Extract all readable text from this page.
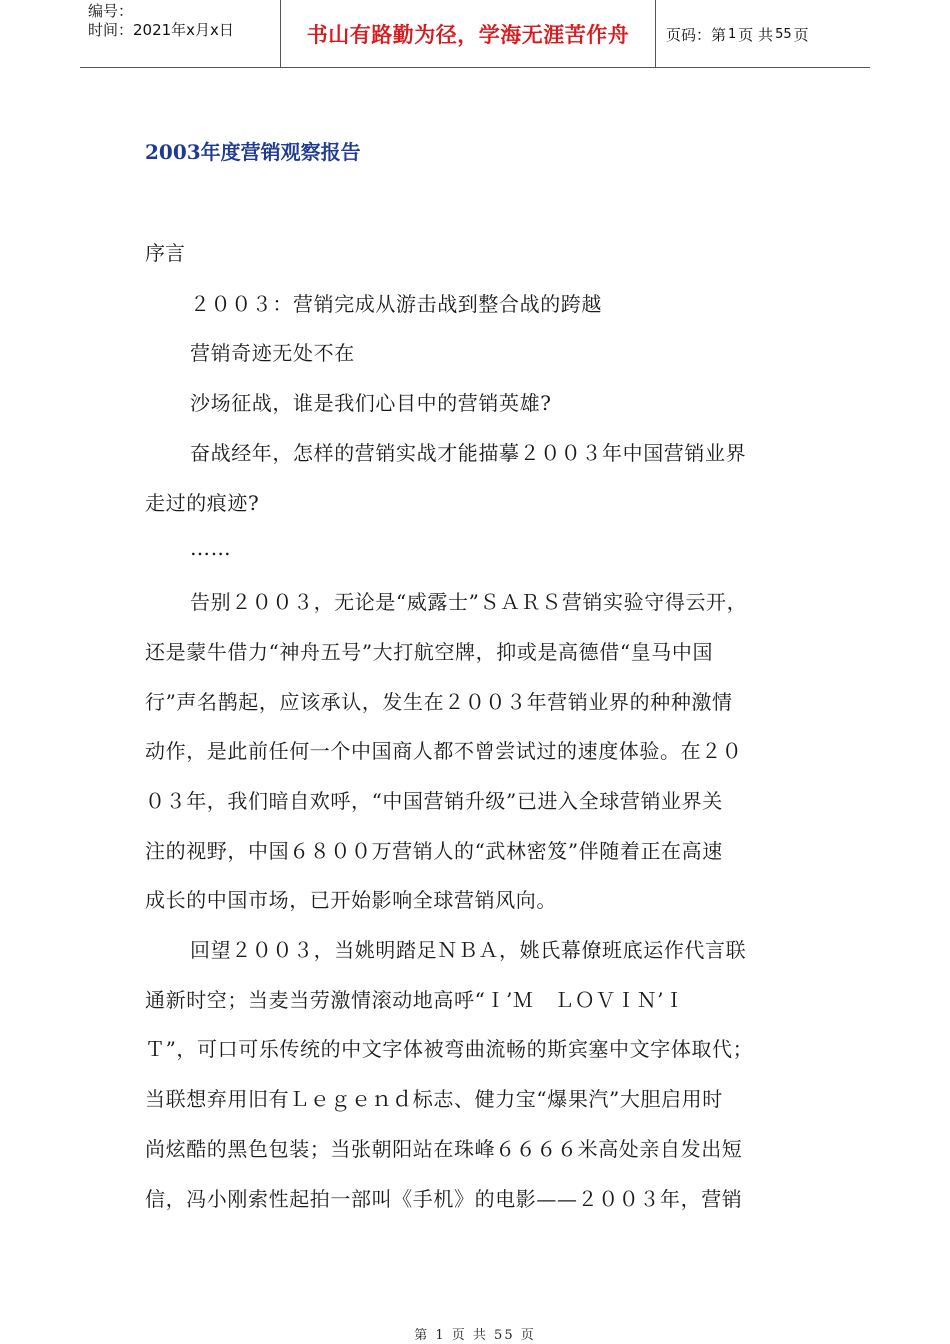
编号：
时间：2021年x月x日	书山有路勤为径，学海无涯苦作舟	页码：第 1 页 共 55 页
2003年度营销观察报告
序言
２００３：营销完成从游击战到整合战的跨越
营销奇迹无处不在
沙场征战，谁是我们心目中的营销英雄?
奋战经年，怎样的营销实战才能描摹２００３年中国营销业界
走过的痕迹?
……
告别２００３，无论是“威露士”ＳＡＲＳ营销实验守得云开，
还是蒙牛借力“神舟五号”大打航空牌，抑或是高德借“皇马中国
行”声名鹊起，应该承认，发生在２００３年营销业界的种种激情
动作，是此前任何一个中国商人都不曾尝试过的速度体验。在２０
０３年，我们暗自欢呼，“中国营销升级”已进入全球营销业界关
注的视野，中国６８００万营销人的“武林密笈”伴随着正在高速
成长的中国市场，已开始影响全球营销风向。
回望２００３，当姚明踏足ＮＢＡ，姚氏幕僚班底运作代言联
通新时空；当麦当劳激情滚动地高呼“Ｉ’Ｍ　ＬＯＶＩＮ’Ｉ
Ｔ”，可口可乐传统的中文字体被弯曲流畅的斯宾塞中文字体取代；
当联想弃用旧有Ｌｅｇｅｎｄ标志、健力宝“爆果汽”大胆启用时
尚炫酷的黑色包装；当张朝阳站在珠峰６６６６米高处亲自发出短
信，冯小刚索性起拍一部叫《手机》的电影——２００３年，营销
第 1 页 共 55 页
